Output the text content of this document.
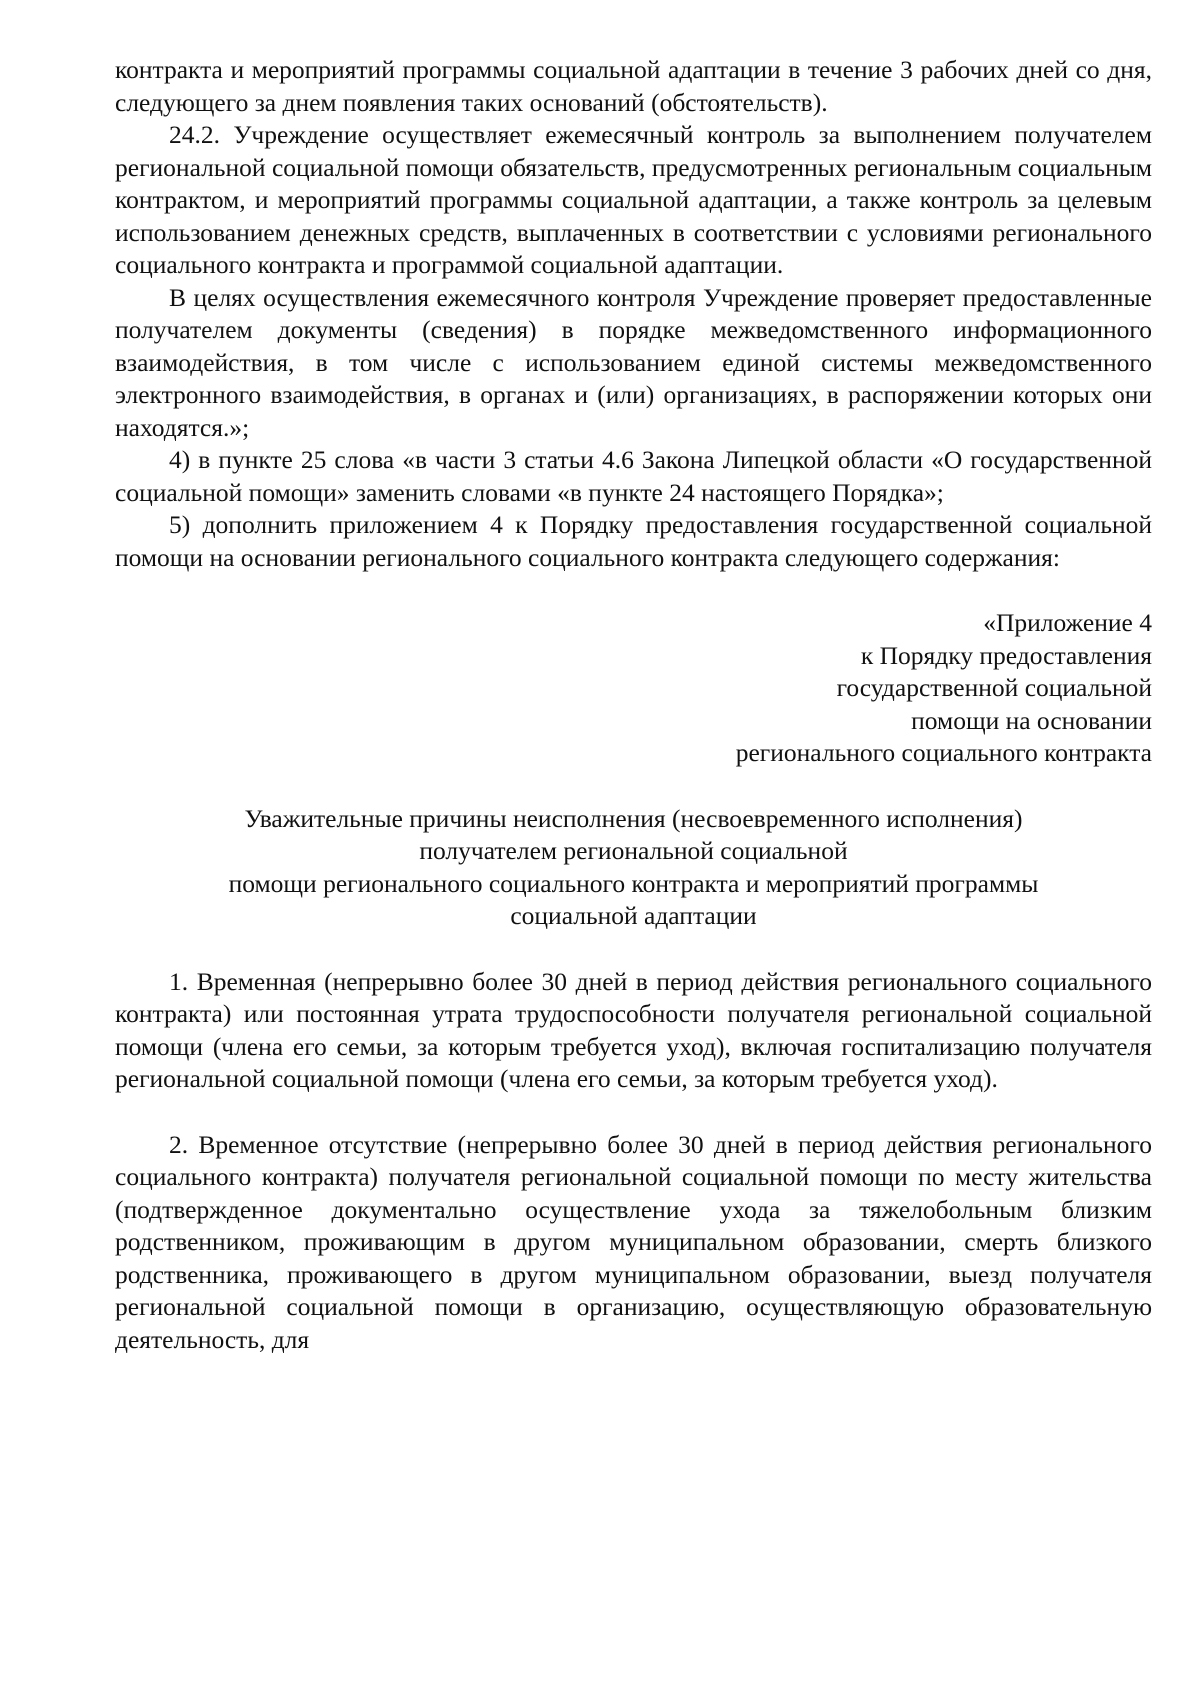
контракта и мероприятий программы социальной адаптации в течение 3 рабочих дней со дня, следующего за днем появления таких оснований (обстоятельств).

24.2. Учреждение осуществляет ежемесячный контроль за выполнением получателем региональной социальной помощи обязательств, предусмотренных региональным социальным контрактом, и мероприятий программы социальной адаптации, а также контроль за целевым использованием денежных средств, выплаченных в соответствии с условиями регионального социального контракта и программой социальной адаптации.

В целях осуществления ежемесячного контроля Учреждение проверяет предоставленные получателем документы (сведения) в порядке межведомственного информационного взаимодействия, в том числе с использованием единой системы межведомственного электронного взаимодействия, в органах и (или) организациях, в распоряжении которых они находятся.»;

4) в пункте 25 слова «в части 3 статьи 4.6 Закона Липецкой области «О государственной социальной помощи» заменить словами «в пункте 24 настоящего Порядка»;

5) дополнить приложением 4 к Порядку предоставления государственной социальной помощи на основании регионального социального контракта следующего содержания:

«Приложение 4
к Порядку предоставления
государственной социальной
помощи на основании
регионального социального контракта
Уважительные причины неисполнения (несвоевременного исполнения)
получателем региональной социальной
помощи регионального социального контракта и мероприятий программы
социальной адаптации

1. Временная (непрерывно более 30 дней в период действия регионального социального контракта) или постоянная утрата трудоспособности получателя региональной социальной помощи (члена его семьи, за которым требуется уход), включая госпитализацию получателя региональной социальной помощи (члена его семьи, за которым требуется уход).

2. Временное отсутствие (непрерывно более 30 дней в период действия регионального социального контракта) получателя региональной социальной помощи по месту жительства (подтвержденное документально осуществление ухода за тяжелобольным близким родственником, проживающим в другом муниципальном образовании, смерть близкого родственника, проживающего в другом муниципальном образовании, выезд получателя региональной социальной помощи в организацию, осуществляющую образовательную деятельность, для
